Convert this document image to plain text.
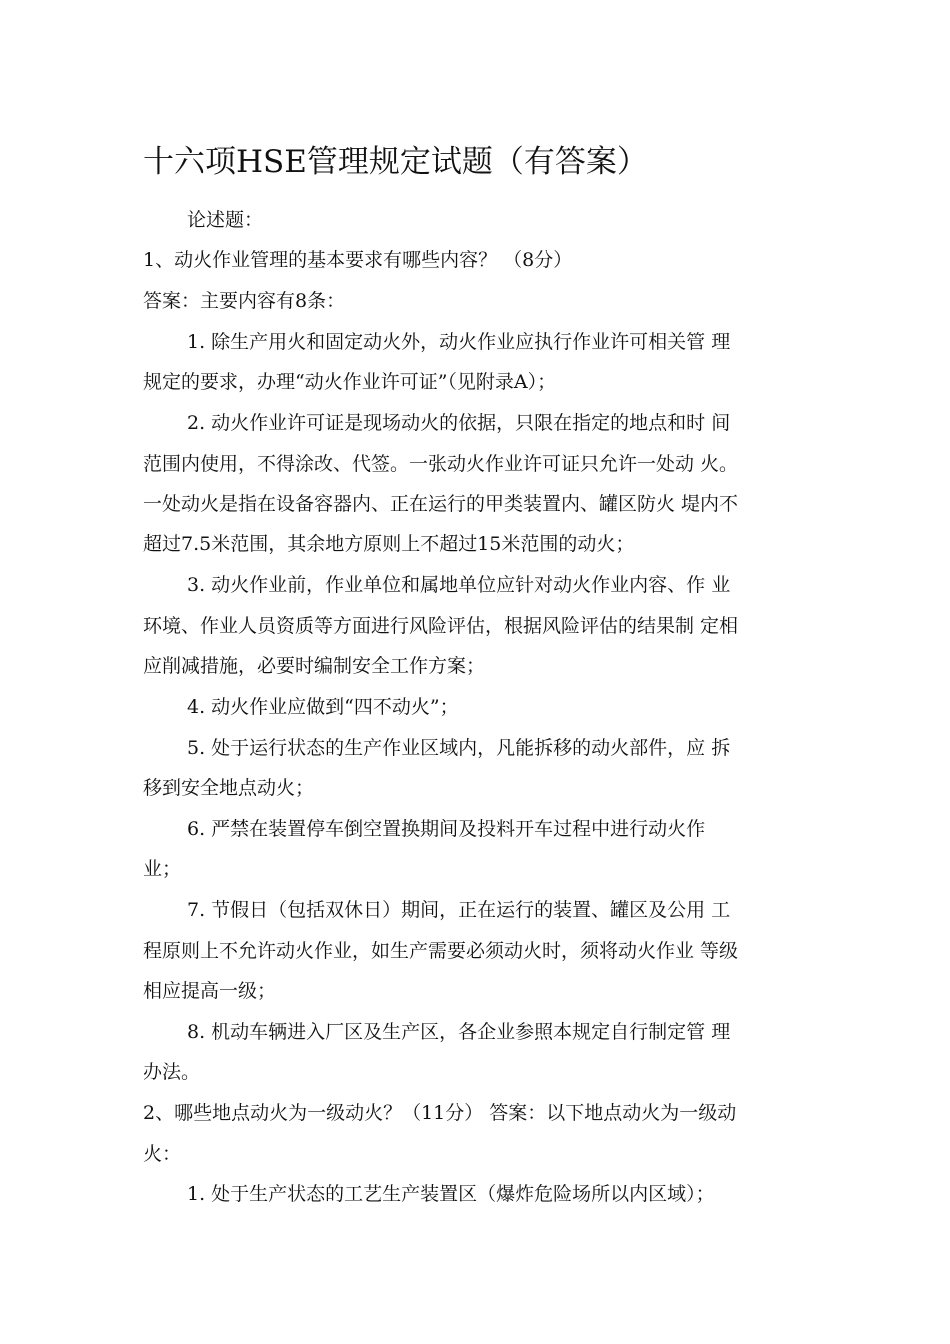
十六项HSE管理规定试题（有答案）
论述题：
1、动火作业管理的基本要求有哪些内容？ （8分）
答案：主要内容有8条：
1. 除生产用火和固定动火外，动火作业应执行作业许可相关管 理
规定的要求，办理“动火作业许可证”（见附录A）；
2. 动火作业许可证是现场动火的依据，只限在指定的地点和时 间
范围内使用，不得涂改、代签。一张动火作业许可证只允许一处动 火。
一处动火是指在设备容器内、正在运行的甲类装置内、罐区防火 堤内不
超过7.5米范围，其余地方原则上不超过15米范围的动火；
3. 动火作业前，作业单位和属地单位应针对动火作业内容、作 业
环境、作业人员资质等方面进行风险评估，根据风险评估的结果制 定相
应削减措施，必要时编制安全工作方案；
4. 动火作业应做到“四不动火”；
5. 处于运行状态的生产作业区域内，凡能拆移的动火部件，应 拆
移到安全地点动火；
6. 严禁在装置停车倒空置换期间及投料开车过程中进行动火作
业；
7. 节假日（包括双休日）期间，正在运行的装置、罐区及公用 工
程原则上不允许动火作业，如生产需要必须动火时，须将动火作业 等级
相应提高一级；
8. 机动车辆进入厂区及生产区，各企业参照本规定自行制定管 理
办法。
2、哪些地点动火为一级动火？（11分） 答案：以下地点动火为一级动
火：
1. 处于生产状态的工艺生产装置区（爆炸危险场所以内区域）；
